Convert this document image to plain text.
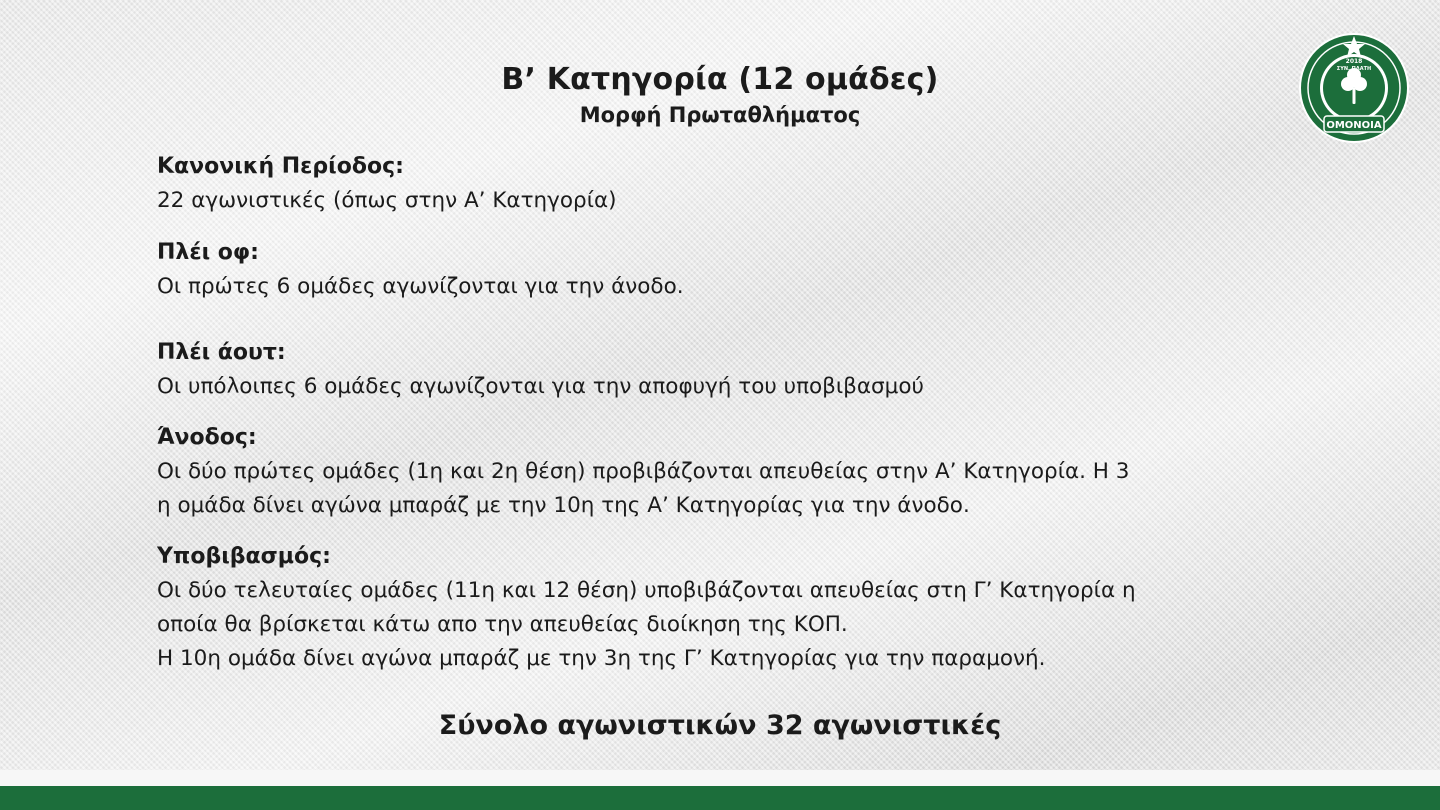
Β’ Κατηγορία (12 ομάδες)
Μορφή Πρωταθλήματος	ΟΜΟΝΟΙΑ
2018
ΣΥΝ. ΠΛΑΤΗ
Κανονική Περίοδος:

22 αγωνιστικές (όπως στην Α’ Κατηγορία)

Πλέι οφ:

Οι πρώτες 6 ομάδες αγωνίζονται για την άνοδο.

Πλέι άουτ:

Οι υπόλοιπες 6 ομάδες αγωνίζονται για την αποφυγή του υποβιβασμού

Άνοδος:

Οι δύο πρώτες ομάδες (1η και 2η θέση) προβιβάζονται απευθείας στην Α’ Κατηγορία. Η 3

η ομάδα δίνει αγώνα μπαράζ με την 10η της Α’ Κατηγορίας για την άνοδο.

Υποβιβασμός:

Οι δύο τελευταίες ομάδες (11η και 12 θέση) υποβιβάζονται απευθείας στη Γ’ Κατηγορία η

οποία θα βρίσκεται κάτω απο την απευθείας διοίκηση της ΚΟΠ.

Η 10η ομάδα δίνει αγώνα μπαράζ με την 3η της Γ’ Κατηγορίας για την παραμονή.

Σύνολο αγωνιστικών 32 αγωνιστικές
